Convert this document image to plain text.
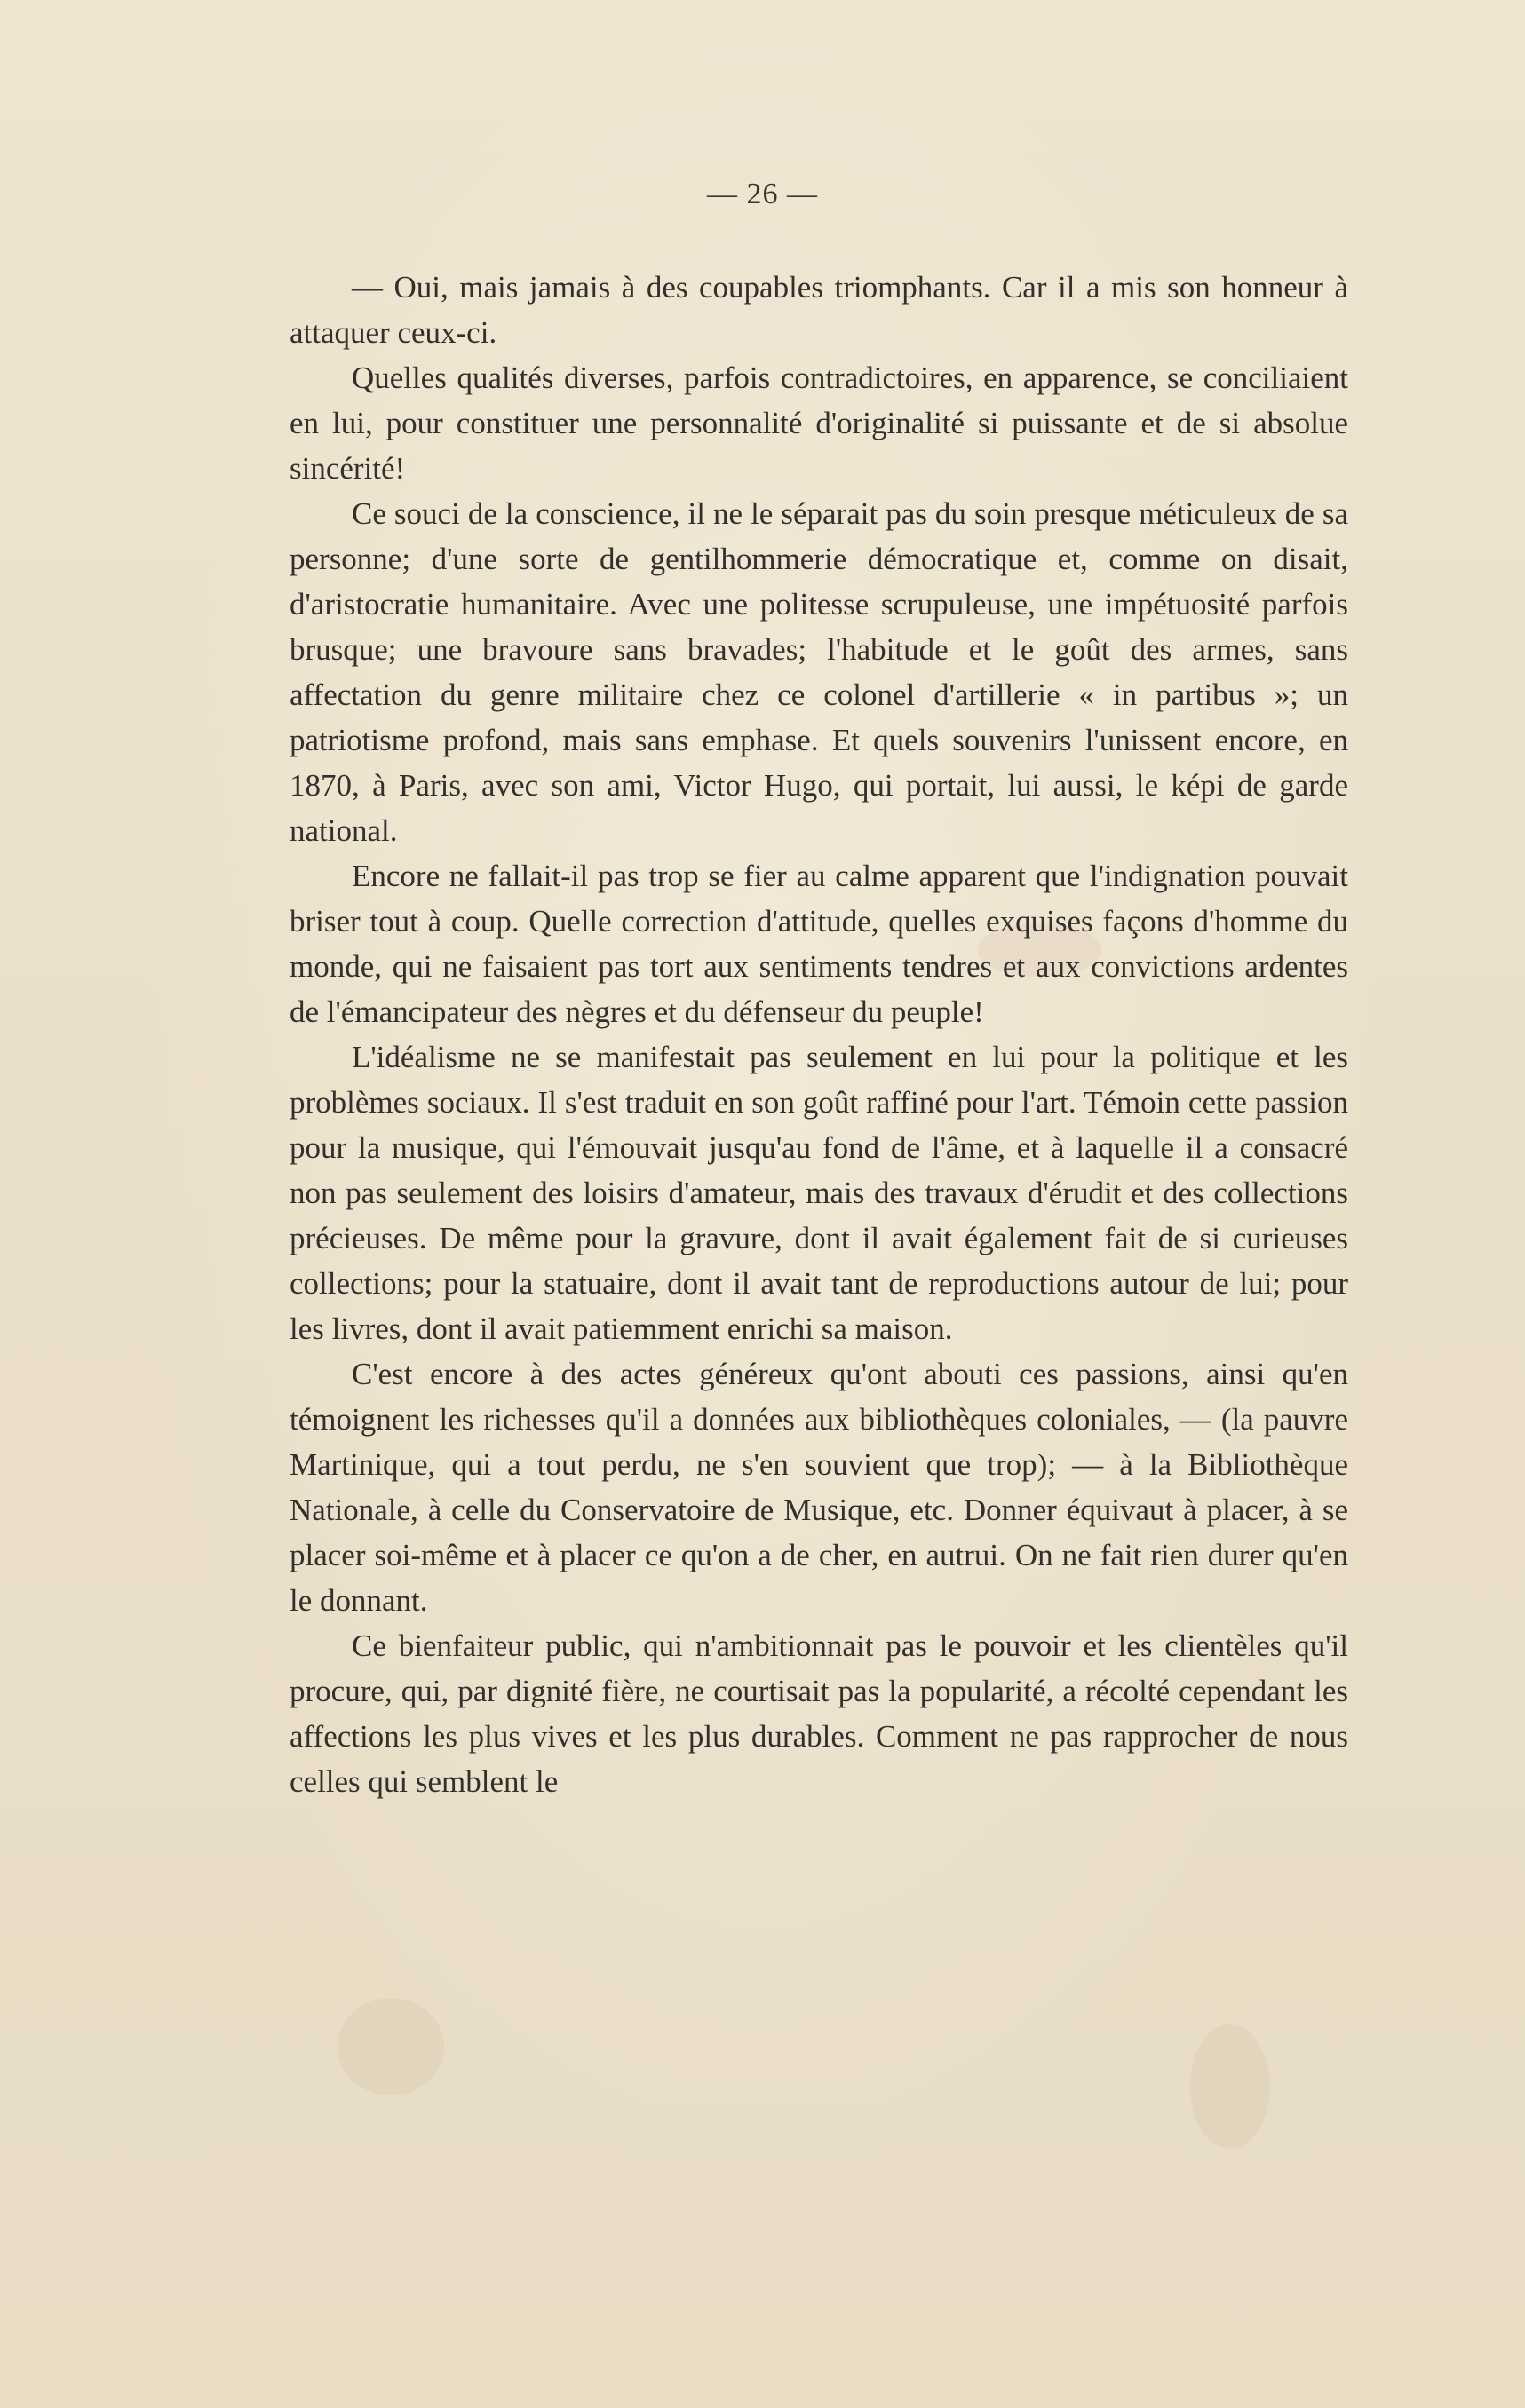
— 26 —

— Oui, mais jamais à des coupables triomphants. Car il a mis son honneur à attaquer ceux-ci.

Quelles qualités diverses, parfois contradictoires, en apparence, se conciliaient en lui, pour constituer une personnalité d'originalité si puissante et de si absolue sincérité!

Ce souci de la conscience, il ne le séparait pas du soin presque méticuleux de sa personne; d'une sorte de gentilhommerie démocratique et, comme on disait, d'aristocratie humanitaire. Avec une politesse scrupuleuse, une impétuosité parfois brusque; une bravoure sans bravades; l'habitude et le goût des armes, sans affectation du genre militaire chez ce colonel d'artillerie « in partibus »; un patriotisme profond, mais sans emphase. Et quels souvenirs l'unissent encore, en 1870, à Paris, avec son ami, Victor Hugo, qui portait, lui aussi, le képi de garde national.

Encore ne fallait-il pas trop se fier au calme apparent que l'indignation pouvait briser tout à coup. Quelle correction d'attitude, quelles exquises façons d'homme du monde, qui ne faisaient pas tort aux sentiments tendres et aux convictions ardentes de l'émancipateur des nègres et du défenseur du peuple!

L'idéalisme ne se manifestait pas seulement en lui pour la politique et les problèmes sociaux. Il s'est traduit en son goût raffiné pour l'art. Témoin cette passion pour la musique, qui l'émouvait jusqu'au fond de l'âme, et à laquelle il a consacré non pas seulement des loisirs d'amateur, mais des travaux d'érudit et des collections précieuses. De même pour la gravure, dont il avait également fait de si curieuses collections; pour la statuaire, dont il avait tant de reproductions autour de lui; pour les livres, dont il avait patiemment enrichi sa maison.

C'est encore à des actes généreux qu'ont abouti ces passions, ainsi qu'en témoignent les richesses qu'il a données aux bibliothèques coloniales, — (la pauvre Martinique, qui a tout perdu, ne s'en souvient que trop); — à la Bibliothèque Nationale, à celle du Conservatoire de Musique, etc. Donner équivaut à placer, à se placer soi-même et à placer ce qu'on a de cher, en autrui. On ne fait rien durer qu'en le donnant.

Ce bienfaiteur public, qui n'ambitionnait pas le pouvoir et les clientèles qu'il procure, qui, par dignité fière, ne courtisait pas la popularité, a récolté cependant les affections les plus vives et les plus durables. Comment ne pas rapprocher de nous celles qui semblent le
